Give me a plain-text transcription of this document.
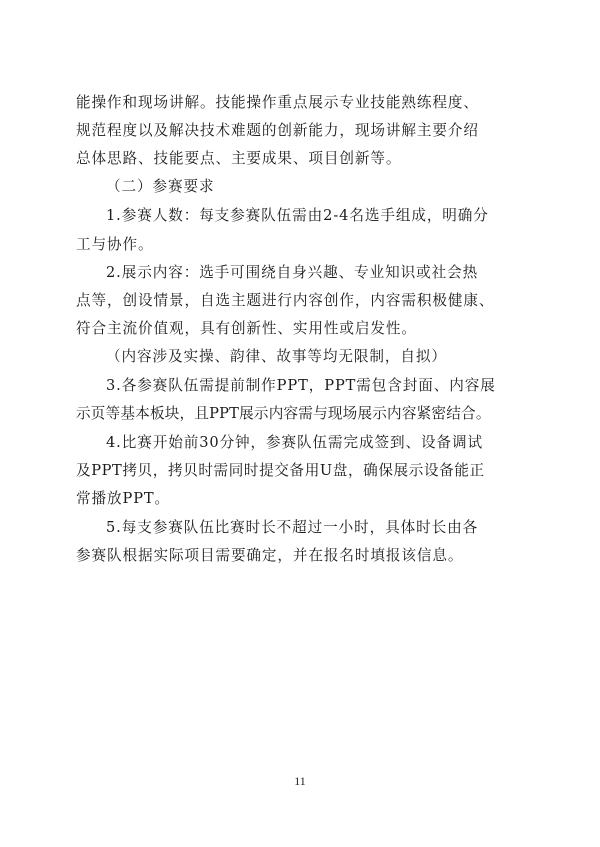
能操作和现场讲解。技能操作重点展示专业技能熟练程度、
规范程度以及解决技术难题的创新能力，现场讲解主要介绍
总体思路、技能要点、主要成果、项目创新等。
（二）参赛要求
1.参赛人数：每支参赛队伍需由2-4名选手组成，明确分
工与协作。
2.展示内容：选手可围绕自身兴趣、专业知识或社会热
点等，创设情景，自选主题进行内容创作，内容需积极健康、
符合主流价值观，具有创新性、实用性或启发性。
（内容涉及实操、韵律、故事等均无限制，自拟）
3.各参赛队伍需提前制作PPT，PPT需包含封面、内容展
示页等基本板块，且PPT展示内容需与现场展示内容紧密结合。
4.比赛开始前30分钟，参赛队伍需完成签到、设备调试
及PPT拷贝，拷贝时需同时提交备用U盘，确保展示设备能正
常播放PPT。
5.每支参赛队伍比赛时长不超过一小时，具体时长由各
参赛队根据实际项目需要确定，并在报名时填报该信息。
11
